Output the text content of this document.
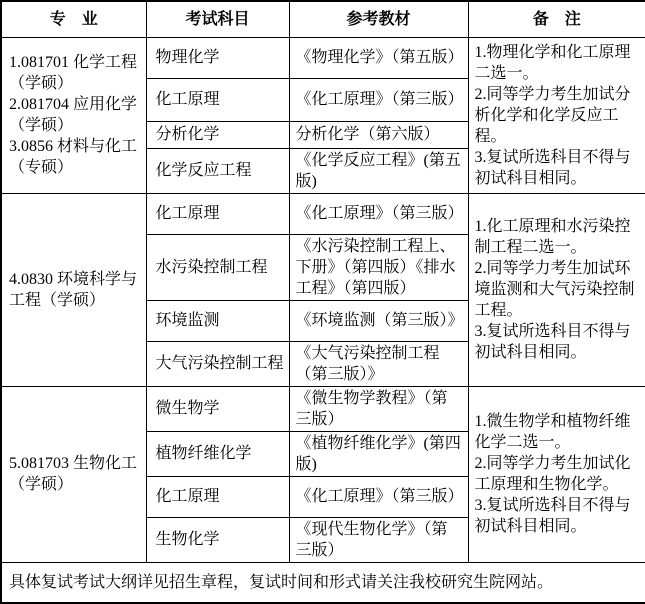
专　业	考试科目	参考教材	备　注

1.081701 化学工程（学硕）
2.081704 应用化学（学硕）
3.0856 材料与化工（专硕）
	物理化学	《物理化学》（第五版）	1.物理化学和化工原理二选一。
2.同等学力考生加试分析化学和化学反应工程。
3.复试所选科目不得与初试科目相同。

	化工原理	《化工原理》（第三版）	
	分析化学	分析化学（第六版）	
	化学反应工程	《化学反应工程》(第五版)	

4.0830 环境科学与工程（学硕）	化工原理	《化工原理》（第三版）	1.化工原理和水污染控制工程二选一。
2.同等学力考生加试环境监测和大气污染控制工程。
3.复试所选科目不得与初试科目相同。

	水污染控制工程	《水污染控制工程上、下册》（第四版）《排水工程》（第四版）	
	环境监测	《环境监测（第三版）》	
	大气污染控制工程	《大气污染控制工程（第三版）》	

5.081703 生物化工（学硕）	微生物学	《微生物学教程》（第三版）	1.微生物学和植物纤维化学二选一。
2.同等学力考生加试化工原理和生物化学。
3.复试所选科目不得与初试科目相同。

	植物纤维化学	《植物纤维化学》(第四版)	
	化工原理	《化工原理》（第三版）	
	生物化学	《现代生物化学》（第三版）	
具体复试考试大纲详见招生章程，复试时间和形式请关注我校研究生院网站。			
